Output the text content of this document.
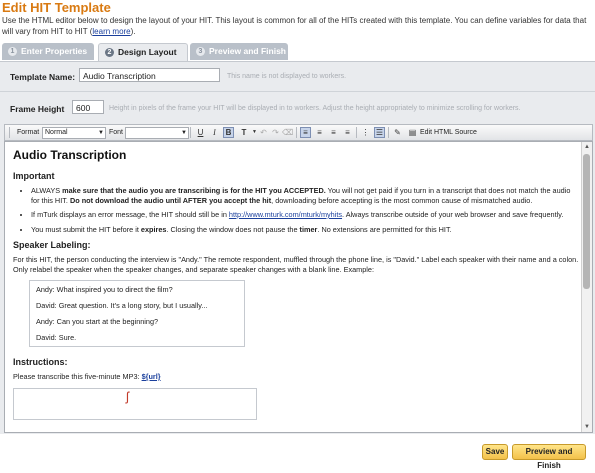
Edit HIT Template
Use the HTML editor below to design the layout of your HIT. This layout is common for all of the HITs created with this template. You can define variables for data that will vary from HIT to HIT (learn more).
1 Enter Properties	2 Design Layout	3 Preview and Finish
Template Name: Audio Transcription	This name is not displayed to workers.
Frame Height	600	Height in pixels of the frame your HIT will be displayed in to workers. Adjust the height appropriately to minimize scrolling for workers.
Format Normal	▼ Font	▼	U	I	B	T	▼ ↶ ↷ ⌫	≡	≡	≡	≡	⋮ ☰ ✎ ▤ Edit HTML Source
Audio Transcription
Important
• ALWAYS make sure that the audio you are transcribing is for the HIT you ACCEPTED. You will not get paid if you turn in a transcript that does not match the audio for this HIT. Do not download the audio until AFTER you accept the hit, downloading before accepting is the most common cause of mismatched audio.
• If mTurk displays an error message, the HIT should still be in http://www.mturk.com/mturk/myhits. Always transcribe outside of your web browser and save frequently.
• You must submit the HIT before it expires. Closing the window does not pause the timer. No extensions are permitted for this HIT.
Speaker Labeling:
For this HIT, the person conducting the interview is "Andy." The remote respondent, muffled through the phone line, is "David." Label each speaker with their name and a colon. Only relabel the speaker when the speaker changes, and separate speaker changes with a blank line. Example:

Andy: What inspired you to direct the film?

David: Great question. It's a long story, but I usually...

Andy: Can you start at the beginning?

David: Sure.

Instructions:
Please transcribe this five-minute MP3: ${url}
ʃ
▲
▼
Save	Preview and Finish
